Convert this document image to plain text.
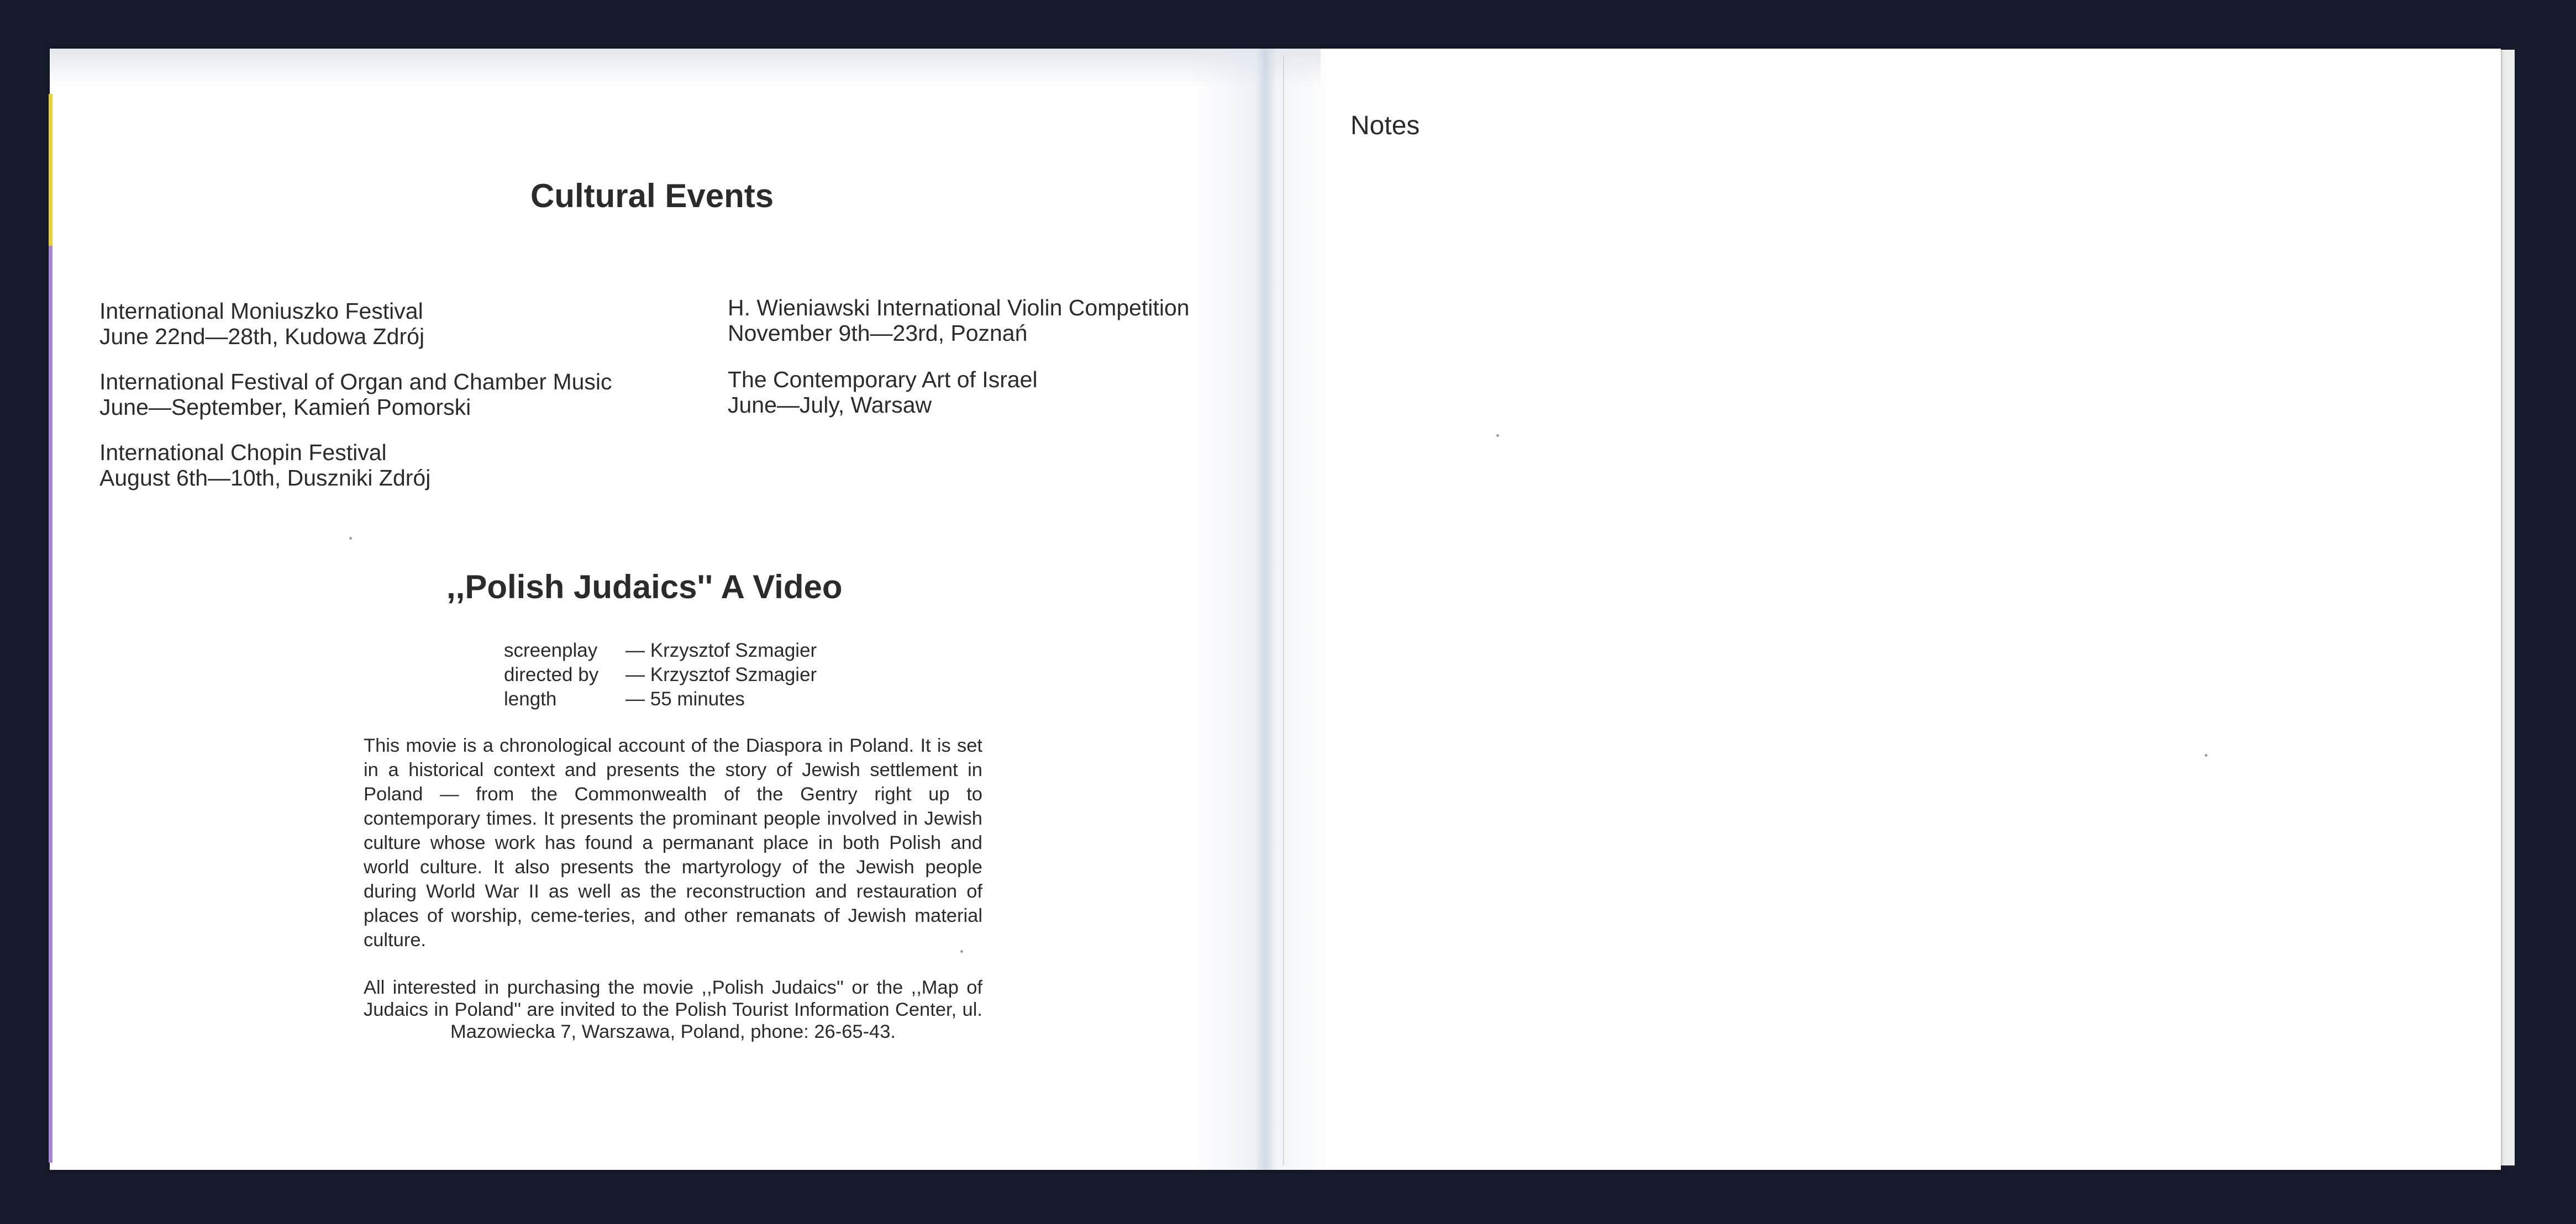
Cultural Events
International Moniuszko Festival
June 22nd—28th, Kudowa Zdrój
International Festival of Organ and Chamber Music
June—September, Kamień Pomorski
International Chopin Festival
August 6th—10th, Duszniki Zdrój
H. Wieniawski International Violin Competition
November 9th—23rd, Poznań
The Contemporary Art of Israel
June—July, Warsaw
,,Polish Judaics'' A Video
screenplay — Krzysztof Szmagier
directed by — Krzysztof Szmagier
length	— 55 minutes
This movie is a chronological account of the Diaspora in Poland. It is set in a historical context and presents the story of Jewish settlement in Poland — from the Commonwealth of the Gentry right up to contemporary times. It presents the prominant people involved in Jewish culture whose work has found a permanant place in both Polish and world culture. It also presents the martyrology of the Jewish people during World War II as well as the reconstruction and restauration of places of worship, ceme-teries, and other remanats of Jewish material culture.
All interested in purchasing the movie ,,Polish Judaics'' or the ,,Map of Judaics in Poland'' are invited to the Polish Tourist Information Center, ul. Mazowiecka 7, Warszawa, Poland, phone: 26-65-43.
Notes
